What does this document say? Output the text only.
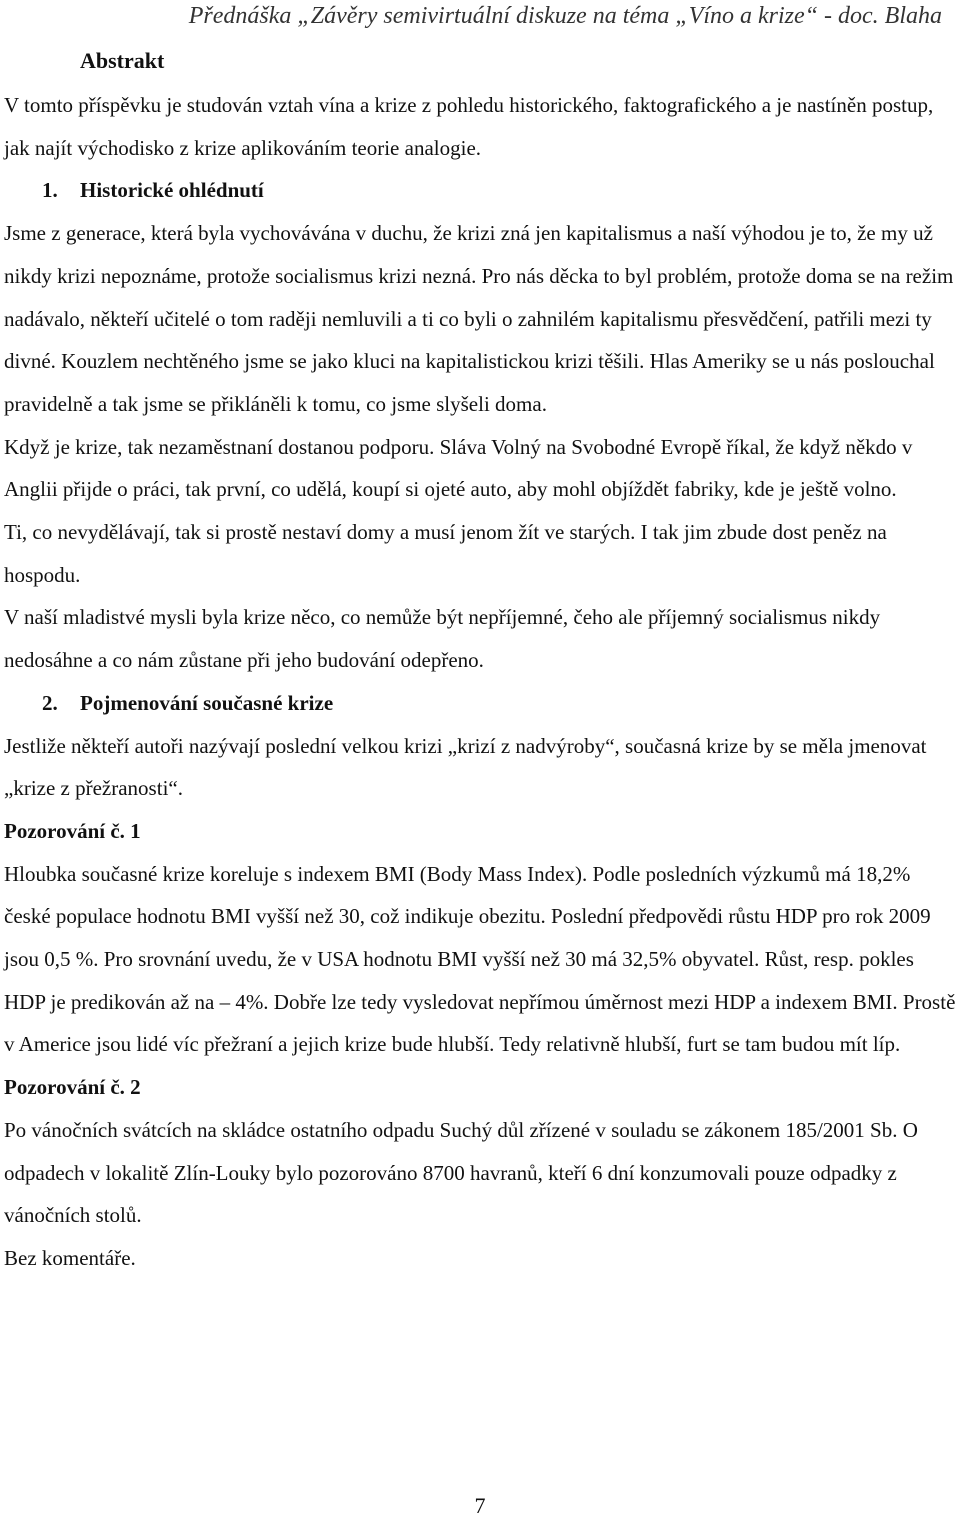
Přednáška „Závěry semivirtuální diskuze na téma „Víno a krize“ - doc. Blaha
Abstrakt

V tomto příspěvku je studován vztah vína a krize z pohledu historického, faktografického a je nastíněn postup, jak najít východisko z krize aplikováním teorie analogie.

1. Historické ohlédnutí

Jsme z generace, která byla vychovávána v duchu, že krizi zná jen kapitalismus a naší výhodou je to, že my už nikdy krizi nepoznáme, protože socialismus krizi nezná. Pro nás děcka to byl problém, protože doma se na režim nadávalo, někteří učitelé o tom raději nemluvili a ti co byli o zahnilém kapitalismu přesvědčení, patřili mezi ty divné. Kouzlem nechtěného jsme se jako kluci na kapitalistickou krizi těšili. Hlas Ameriky se u nás poslouchal pravidelně a tak jsme se přikláněli k tomu, co jsme slyšeli doma.

Když je krize, tak nezaměstnaní dostanou podporu. Sláva Volný na Svobodné Evropě říkal, že když někdo v Anglii přijde o práci, tak první, co udělá, koupí si ojeté auto, aby mohl objíždět fabriky, kde je ještě volno.

Ti, co nevydělávají, tak si prostě nestaví domy a musí jenom žít ve starých. I tak jim zbude dost peněz na hospodu.

V naší mladistvé mysli byla krize něco, co nemůže být nepříjemné, čeho ale příjemný socialismus nikdy nedosáhne a co nám zůstane při jeho budování odepřeno.

2. Pojmenování současné krize

Jestliže někteří autoři nazývají poslední velkou krizi „krizí z nadvýroby“, současná krize by se měla jmenovat „krize z přežranosti“.

Pozorování č. 1

Hloubka současné krize koreluje s indexem BMI (Body Mass Index). Podle posledních výzkumů má 18,2% české populace hodnotu BMI vyšší než 30, což indikuje obezitu. Poslední předpovědi růstu HDP pro rok 2009 jsou 0,5 %. Pro srovnání uvedu, že v USA hodnotu BMI vyšší než 30 má 32,5% obyvatel. Růst, resp. pokles HDP je predikován až na – 4%. Dobře lze tedy vysledovat nepřímou úměrnost mezi HDP a indexem BMI. Prostě v Americe jsou lidé víc přežraní a jejich krize bude hlubší. Tedy relativně hlubší, furt se tam budou mít líp.

Pozorování č. 2

Po vánočních svátcích na skládce ostatního odpadu Suchý důl zřízené v souladu se zákonem 185/2001 Sb. O odpadech v lokalitě Zlín-Louky bylo pozorováno 8700 havranů, kteří 6 dní konzumovali pouze odpadky z vánočních stolů.

Bez komentáře.

7
